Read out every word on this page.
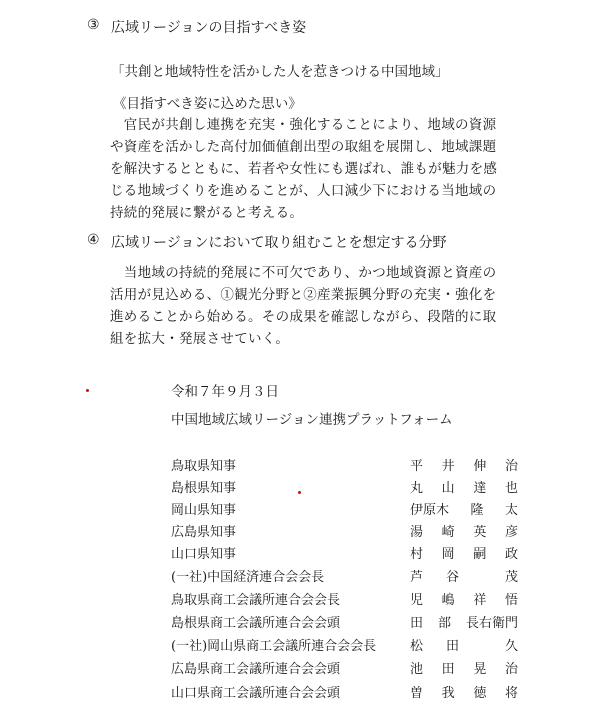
③ 広域リージョンの目指すべき姿
「共創と地域特性を活かした人を惹きつける中国地域」
《目指すべき姿に込めた思い》
　官民が共創し連携を充実・強化することにより、地域の資源
や資産を活かした高付加価値創出型の取組を展開し、地域課題
を解決するとともに、若者や女性にも選ばれ、誰もが魅力を感
じる地域づくりを進めることが、人口減少下における当地域の
持続的発展に繋がると考える。
④ 広域リージョンにおいて取り組むことを想定する分野
　当地域の持続的発展に不可欠であり、かつ地域資源と資産の
活用が見込める、①観光分野と②産業振興分野の充実・強化を
進めることから始める。その成果を確認しながら、段階的に取
組を拡大・発展させていく。
令和７年９月３日
中国地域広域リージョン連携プラットフォーム
鳥取県知事	平 井 伸 治
島根県知事	丸 山 達 也
岡山県知事	伊原木 隆 太
広島県知事	湯 崎 英 彦
山口県知事	村 岡 嗣 政
(一社)中国経済連合会会長	芦 谷	茂
鳥取県商工会議所連合会会長	児 嶋 祥 悟
島根県商工会議所連合会会頭	田 部 長右衛門
(一社)岡山県商工会議所連合会会長	松 田	久
広島県商工会議所連合会会頭	池 田 晃 治
山口県商工会議所連合会会頭	曽 我 徳 将
